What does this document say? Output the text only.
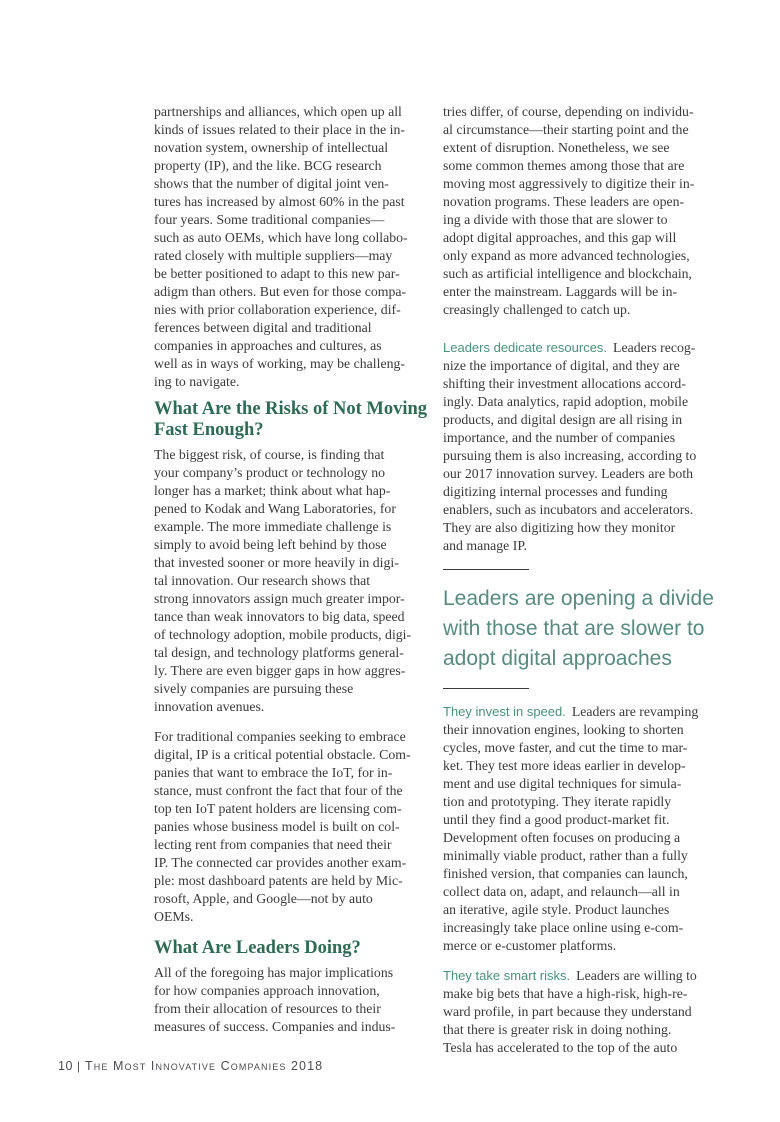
partnerships and alliances, which open up all
kinds of issues related to their place in the in-
novation system, ownership of intellectual
property (IP), and the like. BCG research
shows that the number of digital joint ven-
tures has increased by almost 60% in the past
four years. Some traditional companies—
such as auto OEMs, which have long collabo-
rated closely with multiple suppliers—may
be better positioned to adapt to this new par-
adigm than others. But even for those compa-
nies with prior collaboration experience, dif-
ferences between digital and traditional
companies in approaches and cultures, as
well as in ways of working, may be challeng-
ing to navigate.
What Are the Risks of Not Moving
Fast Enough?
The biggest risk, of course, is finding that
your company’s product or technology no
longer has a market; think about what hap-
pened to Kodak and Wang Laboratories, for
example. The more immediate challenge is
simply to avoid being left behind by those
that invested sooner or more heavily in digi-
tal innovation. Our research shows that
strong innovators assign much greater impor-
tance than weak innovators to big data, speed
of technology adoption, mobile products, digi-
tal design, and technology platforms general-
ly. There are even bigger gaps in how aggres-
sively companies are pursuing these
innovation avenues.
For traditional companies seeking to embrace
digital, IP is a critical potential obstacle. Com-
panies that want to embrace the IoT, for in-
stance, must confront the fact that four of the
top ten IoT patent holders are licensing com-
panies whose business model is built on col-
lecting rent from companies that need their
IP. The connected car provides another exam-
ple: most dashboard patents are held by Mic-
rosoft, Apple, and Google—not by auto
OEMs.
What Are Leaders Doing?
All of the foregoing has major implications
for how companies approach innovation,
from their allocation of resources to their
measures of success. Companies and indus-
tries differ, of course, depending on individu-
al circumstance—their starting point and the
extent of disruption. Nonetheless, we see
some common themes among those that are
moving most aggressively to digitize their in-
novation programs. These leaders are open-
ing a divide with those that are slower to
adopt digital approaches, and this gap will
only expand as more advanced technologies,
such as artificial intelligence and blockchain,
enter the mainstream. Laggards will be in-
creasingly challenged to catch up.
Leaders dedicate resources. Leaders recog-
nize the importance of digital, and they are
shifting their investment allocations accord-
ingly. Data analytics, rapid adoption, mobile
products, and digital design are all rising in
importance, and the number of companies
pursuing them is also increasing, according to
our 2017 innovation survey. Leaders are both
digitizing internal processes and funding
enablers, such as incubators and accelerators.
They are also digitizing how they monitor
and manage IP.
Leaders are opening a divide
with those that are slower to
adopt digital approaches
They invest in speed. Leaders are revamping
their innovation engines, looking to shorten
cycles, move faster, and cut the time to mar-
ket. They test more ideas earlier in develop-
ment and use digital techniques for simula-
tion and prototyping. They iterate rapidly
until they find a good product-market fit.
Development often focuses on producing a
minimally viable product, rather than a fully
finished version, that companies can launch,
collect data on, adapt, and relaunch—all in
an iterative, agile style. Product launches
increasingly take place online using e-com-
merce or e-customer platforms.
They take smart risks. Leaders are willing to
make big bets that have a high-risk, high-re-
ward profile, in part because they understand
that there is greater risk in doing nothing.
Tesla has accelerated to the top of the auto
10 | The Most Innovative Companies 2018
